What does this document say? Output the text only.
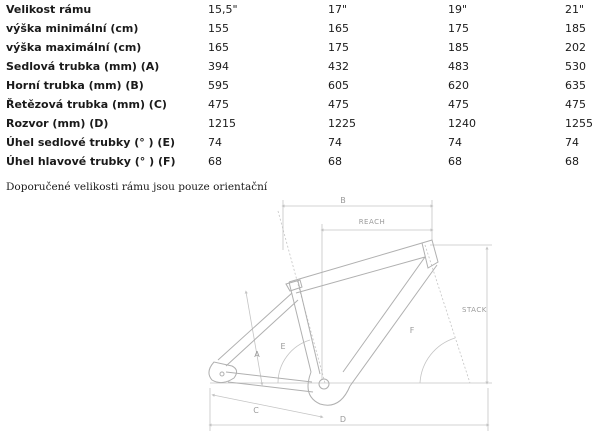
Velikost rámu	15,5"	17"	19"	21"
výška minimální (cm)	155	165	175	185
výška maximální (cm)	165	175	185	202
Sedlová trubka (mm) (A)	394	432	483	530
Horní trubka (mm) (B)	595	605	620	635
Řetězová trubka (mm) (C)	475	475	475	475
Rozvor (mm) (D)	1215	1225	1240	1255
Úhel sedlové trubky (° ) (E)	74	74	74	74
Úhel hlavové trubky (° ) (F)	68	68	68	68
Doporučené velikosti rámu jsou pouze orientační
B
REACH
STACK
A
E
F
C
D
